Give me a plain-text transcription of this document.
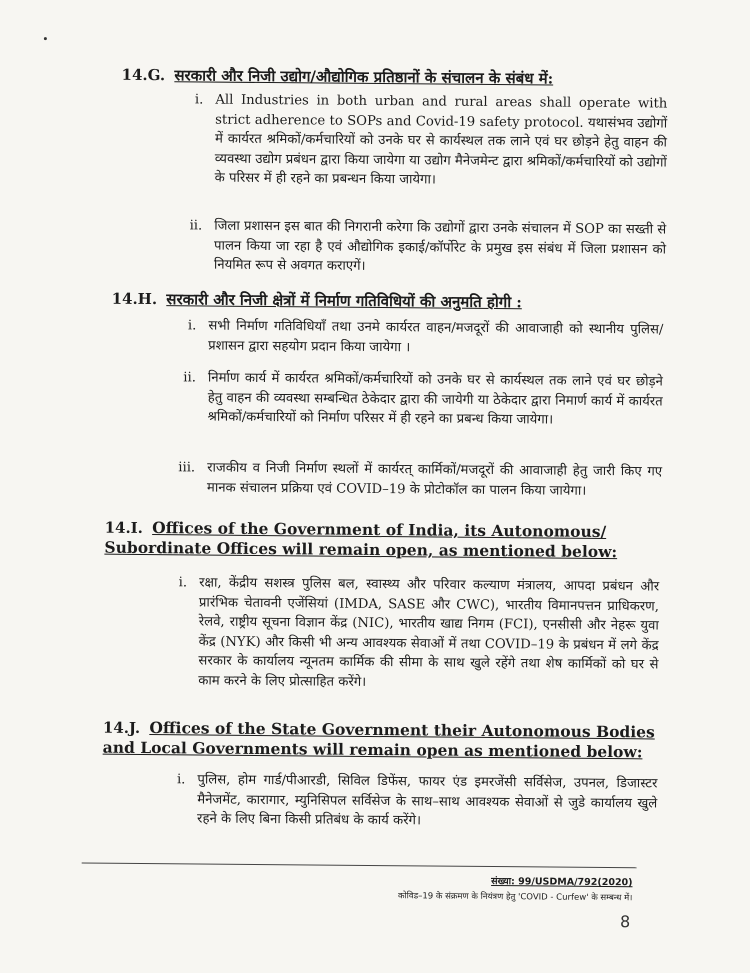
14.G. सरकारी और निजी उद्योग/औद्योगिक प्रतिष्ठानों के संचालन के संबंध में:
i. All Industries in both urban and rural areas shall operate with strict adherence to SOPs and Covid-19 safety protocol. यथासंभव उद्योगों में कार्यरत श्रमिकों/कर्मचारियों को उनके घर से कार्यस्थल तक लाने एवं घर छोड़ने हेतु वाहन की व्यवस्था उद्योग प्रबंधन द्वारा किया जायेगा या उद्योग मैनेजमेन्ट द्वारा श्रमिकों/कर्मचारियों को उद्योगों के परिसर में ही रहने का प्रबन्धन किया जायेगा।
ii. जिला प्रशासन इस बात की निगरानी करेगा कि उद्योगों द्वारा उनके संचालन में SOP का सख्ती से पालन किया जा रहा है एवं औद्योगिक इकाई/कॉर्पोरेट के प्रमुख इस संबंध में जिला प्रशासन को नियमित रूप से अवगत कराएगें।
14.H. सरकारी और निजी क्षेत्रों में निर्माण गतिविधियों की अनुमति होगी :
i. सभी निर्माण गतिविधियाँ तथा उनमे कार्यरत वाहन/मजदूरों की आवाजाही को स्थानीय पुलिस/प्रशासन द्वारा सहयोग प्रदान किया जायेगा ।
ii. निर्माण कार्य में कार्यरत श्रमिकों/कर्मचारियों को उनके घर से कार्यस्थल तक लाने एवं घर छोड़ने हेतु वाहन की व्यवस्था सम्बन्धित ठेकेदार द्वारा की जायेगी या ठेकेदार द्वारा निमार्ण कार्य में कार्यरत श्रमिकों/कर्मचारियों को निर्माण परिसर में ही रहने का प्रबन्ध किया जायेगा।
iii. राजकीय व निजी निर्माण स्थलों में कार्यरत् कार्मिकों/मजदूरों की आवाजाही हेतु जारी किए गए मानक संचालन प्रक्रिया एवं COVID–19 के प्रोटोकॉल का पालन किया जायेगा।
14.I. Offices of the Government of India, its Autonomous/ Subordinate Offices will remain open, as mentioned below:
i. रक्षा, केंद्रीय सशस्त्र पुलिस बल, स्वास्थ्य और परिवार कल्याण मंत्रालय, आपदा प्रबंधन और प्रारंभिक चेतावनी एजेंसियां (IMDA, SASE और CWC), भारतीय विमानपत्तन प्राधिकरण, रेलवे, राष्ट्रीय सूचना विज्ञान केंद्र (NIC), भारतीय खाद्य निगम (FCI), एनसीसी और नेहरू युवा केंद्र (NYK) और किसी भी अन्य आवश्यक सेवाओं में तथा COVID–19 के प्रबंधन में लगे केंद्र सरकार के कार्यालय न्यूनतम कार्मिक की सीमा के साथ खुले रहेंगे तथा शेष कार्मिकों को घर से काम करने के लिए प्रोत्साहित करेंगे।
14.J. Offices of the State Government their Autonomous Bodies and Local Governments will remain open as mentioned below:
i. पुलिस, होम गार्ड/पीआरडी, सिविल डिफेंस, फायर एंड इमरजेंसी सर्विसेज, उपनल, डिजास्टर मैनेजमेंट, कारागार, म्युनिसिपल सर्विसेज के साथ–साथ आवश्यक सेवाओं से जुडे कार्यालय खुले रहने के लिए बिना किसी प्रतिबंध के कार्य करेंगे।
संख्या: 99/USDMA/792(2020)
कोविड–19 के संक्रमण के नियंत्रण हेतु 'COVID - Curfew' के सम्बन्ध में।
8
